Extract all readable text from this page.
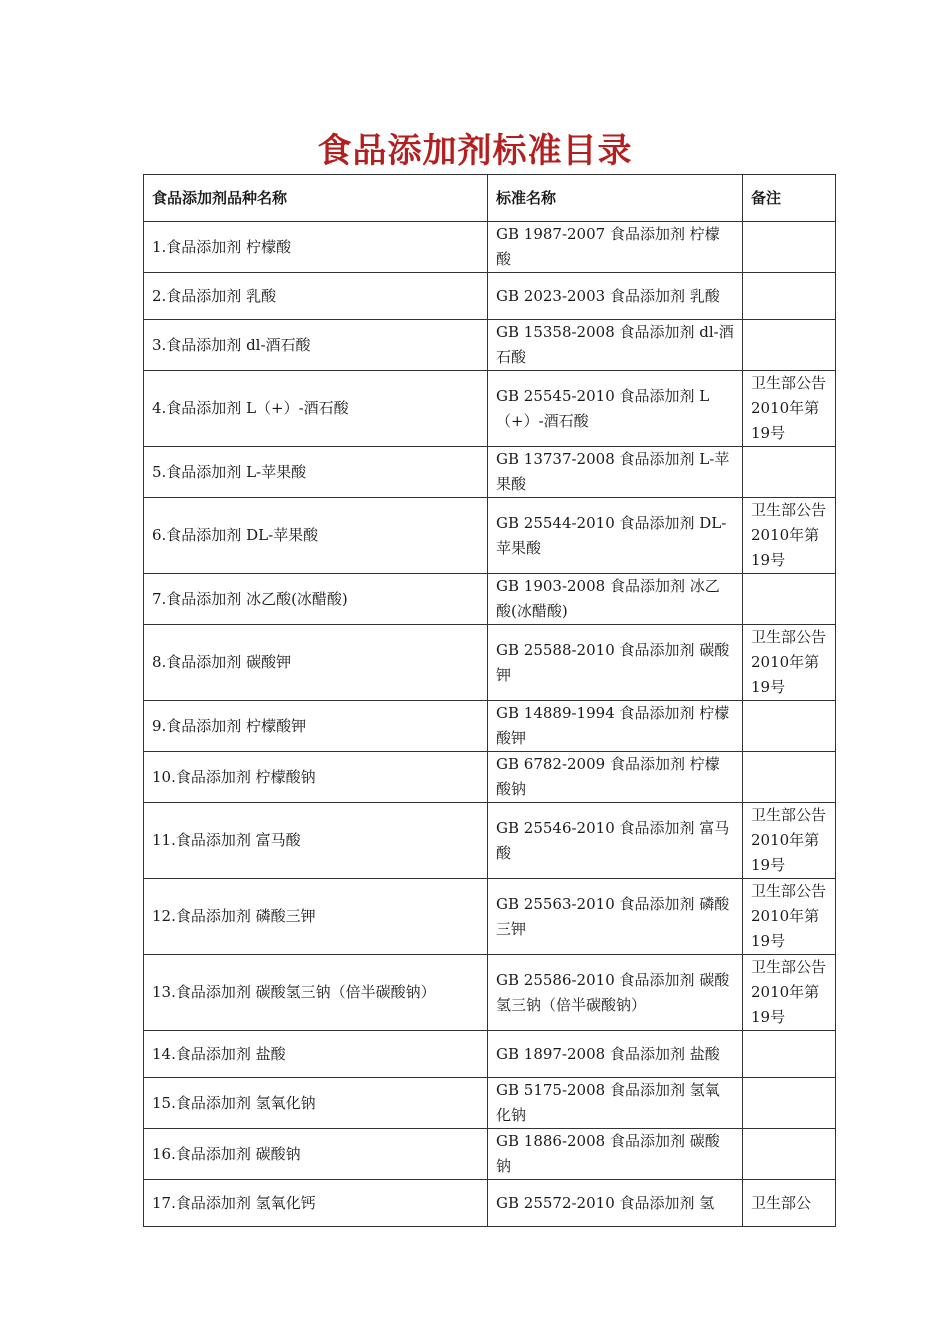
食品添加剂标准目录
食品添加剂品种名称	标准名称	备注
1.食品添加剂 柠檬酸	GB 1987-2007 食品添加剂 柠檬酸	
2.食品添加剂 乳酸	GB 2023-2003 食品添加剂 乳酸	
3.食品添加剂 dl-酒石酸	GB 15358-2008 食品添加剂 dl-酒石酸	
4.食品添加剂 L（+）-酒石酸	GB 25545-2010 食品添加剂 L（+）-酒石酸	卫生部公告2010年第19号
5.食品添加剂 L-苹果酸	GB 13737-2008 食品添加剂 L-苹果酸	
6.食品添加剂 DL-苹果酸	GB 25544-2010 食品添加剂 DL-苹果酸	卫生部公告2010年第19号
7.食品添加剂 冰乙酸(冰醋酸)	GB 1903-2008 食品添加剂 冰乙酸(冰醋酸)	
8.食品添加剂 碳酸钾	GB 25588-2010 食品添加剂 碳酸钾	卫生部公告2010年第19号
9.食品添加剂 柠檬酸钾	GB 14889-1994 食品添加剂 柠檬酸钾	
10.食品添加剂 柠檬酸钠	GB 6782-2009 食品添加剂 柠檬酸钠	
11.食品添加剂 富马酸	GB 25546-2010 食品添加剂 富马酸	卫生部公告2010年第19号
12.食品添加剂 磷酸三钾	GB 25563-2010 食品添加剂 磷酸三钾	卫生部公告2010年第19号
13.食品添加剂 碳酸氢三钠（倍半碳酸钠）	GB 25586-2010 食品添加剂 碳酸氢三钠（倍半碳酸钠）	卫生部公告2010年第19号
14.食品添加剂 盐酸	GB 1897-2008 食品添加剂 盐酸	
15.食品添加剂 氢氧化钠	GB 5175-2008 食品添加剂 氢氧化钠	
16.食品添加剂 碳酸钠	GB 1886-2008 食品添加剂 碳酸钠	
17.食品添加剂 氢氧化钙	GB 25572-2010 食品添加剂 氢	卫生部公
